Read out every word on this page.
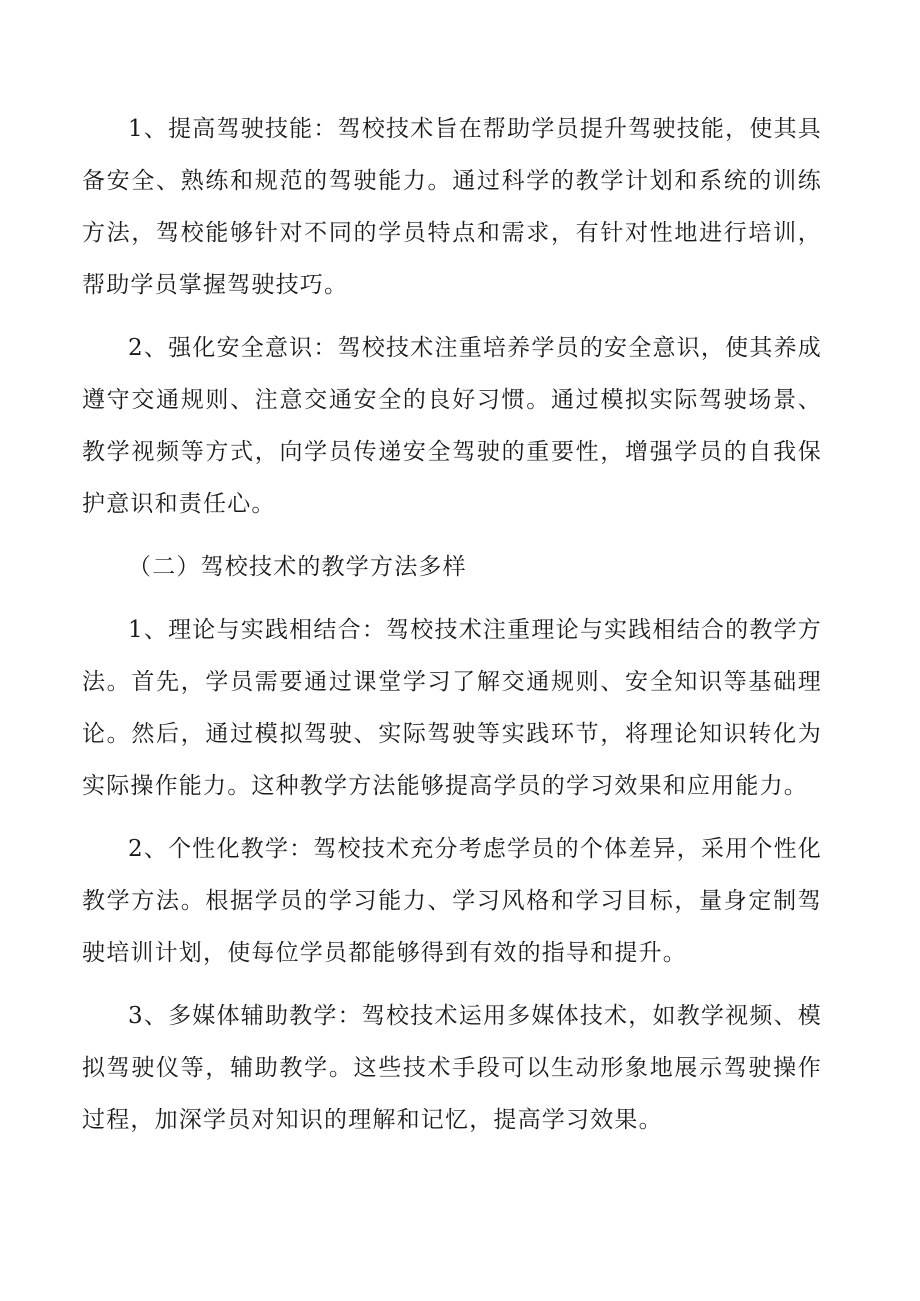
1、提高驾驶技能：驾校技术旨在帮助学员提升驾驶技能，使其具备安全、熟练和规范的驾驶能力。通过科学的教学计划和系统的训练方法，驾校能够针对不同的学员特点和需求，有针对性地进行培训，帮助学员掌握驾驶技巧。

2、强化安全意识：驾校技术注重培养学员的安全意识，使其养成遵守交通规则、注意交通安全的良好习惯。通过模拟实际驾驶场景、教学视频等方式，向学员传递安全驾驶的重要性，增强学员的自我保护意识和责任心。

（二）驾校技术的教学方法多样

1、理论与实践相结合：驾校技术注重理论与实践相结合的教学方法。首先，学员需要通过课堂学习了解交通规则、安全知识等基础理论。然后，通过模拟驾驶、实际驾驶等实践环节，将理论知识转化为实际操作能力。这种教学方法能够提高学员的学习效果和应用能力。

2、个性化教学：驾校技术充分考虑学员的个体差异，采用个性化教学方法。根据学员的学习能力、学习风格和学习目标，量身定制驾驶培训计划，使每位学员都能够得到有效的指导和提升。

3、多媒体辅助教学：驾校技术运用多媒体技术，如教学视频、模拟驾驶仪等，辅助教学。这些技术手段可以生动形象地展示驾驶操作过程，加深学员对知识的理解和记忆，提高学习效果。
